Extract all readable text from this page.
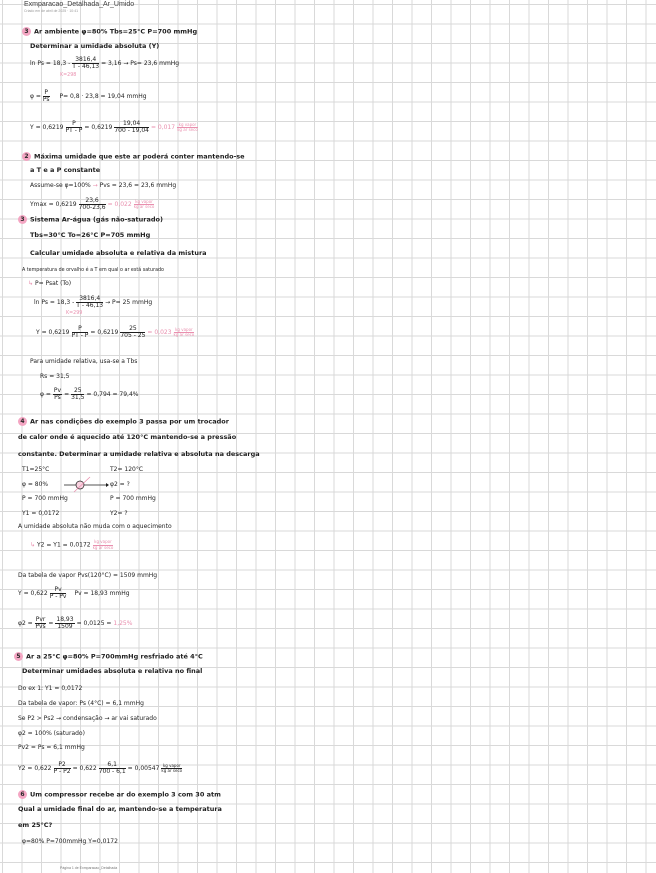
Exmparacao_Detalhada_Ar_Umido
Criado em de abril de 2025 · 10:41
3 Ar ambiente φ=80% Tbs=25°C P=700 mmHg
Determinar a umidade absoluta (Y)
$\ln Ps = 18,3 - \frac{3816,4}{T - 46,13} = 3,16 \to Ps= 23,6$ mmHg
K=298
$\varphi = \frac{P}{Ps} P= 0,8 \cdot 23,8 = 19,04$ mmHg
$Y = 0,6219 \frac{P}{PT - P} = 0,6219 \frac{19,04}{700 - 19,04} = 0,017$ kg vapor
kg ar seco
2 Máxima umidade que este ar poderá conter mantendo-se
a T e a P constante
Assume-se φ=100% → Pvs = 23,6 = 23,6 mmHg
$Ymax = 0,6219 \frac{23,6}{700-23,6} = 0,022$ kg vapor
kg ar seco
3 Sistema Ar-água (gás não-saturado)
Tbs=30°C To=26°C P=705 mmHg
Calcular umidade absoluta e relativa da mistura
A temperatura de orvalho é a T em qual o ar está saturado
↳ P= Psat (To)
$\ln Ps = 18,3 - \frac{3816,4}{T - 46,13} \to P= 25$ mmHg
K=299
$Y = 0,6219 \frac{P}{PT - P} = 0,6219 \frac{25}{705 - 25} = 0,023$ kg vapor
kg ar seco
Para umidade relativa, usa-se a Tbs
Rs = 31,5
$\varphi = \frac{Pv}{Ps} = \frac{25}{31,5} = 0,794 = 79,4\%$
4 Ar nas condições do exemplo 3 passa por um trocador
de calor onde é aquecido até 120°C mantendo-se a pressão
constante. Determinar a umidade relativa e absoluta na descarga
T1=25°C
φ = 80%
P = 700 mmHg
Y1 = 0,0172
T2= 120°C
φ2 = ?
P = 700 mmHg
Y2= ?
A umidade absoluta não muda com o aquecimento
↳ Y2 = Y1 = 0,0172 kg vapor
kg ar seco
Da tabela de vapor Pvs(120°C) = 1509 mmHg
$Y = 0,622 \frac{Pv}{P - Pv}$ Pv = 18,93 mmHg
$\varphi 2 = \frac{\text{Pvr}}{\text{Pvs}} = \frac{18,93}{1509} = 0,0125 = 1,25\%$
5 Ar a 25°C φ=80% P=700mmHg resfriado até 4°C
Determinar umidades absoluta e relativa no final
Do ex 1: Y1 = 0,0172
Da tabela de vapor: Ps (4°C) = 6,1 mmHg
Se P2 > Ps2 → condensação → ar vai saturado
φ2 = 100% (saturado)
Pv2 = Ps = 6,1 mmHg
$Y2 = 0,622 \frac{P2}{P - P2} = 0,622 \frac{6,1}{700 - 6,1} = 0,00547$ kg vapor
kg ar seco
6 Um compressor recebe ar do exemplo 3 com 30 atm
Qual a umidade final do ar, mantendo-se a temperatura
em 25°C?
φ=80% P=700mmHg Y=0,0172
Página 1 de Exmparacao_Detalhada
